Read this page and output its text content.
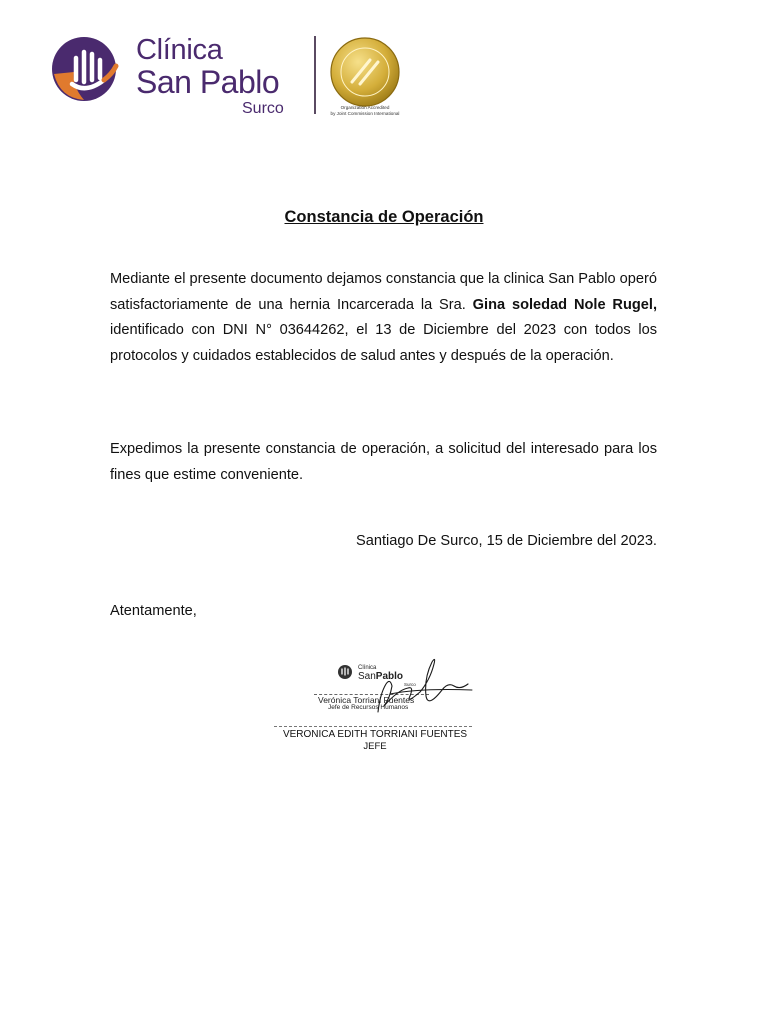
Clínica
San Pablo
Surco	Organization Accredited
by Joint Commission International
Constancia de Operación
Mediante el presente documento dejamos constancia que la clinica San Pablo operó satisfactoriamente de una hernia Incarcerada la Sra. Gina soledad Nole Rugel, identificado con DNI N° 03644262, el 13 de Diciembre del 2023 con todos los protocolos y cuidados establecidos de salud antes y después de la operación.
Expedimos la presente constancia de operación, a solicitud del interesado para los fines que estime conveniente.
Santiago De Surco, 15 de Diciembre del 2023.
Atentamente,
Clínica
SanPablo
Surco
Verónica Torriani Fuentes
Jefe de Recursos Humanos
VERONICA EDITH TORRIANI FUENTES
JEFE
